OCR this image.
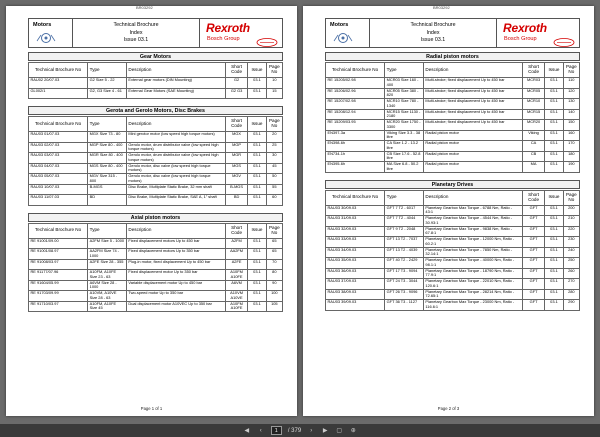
BR03292
Motors	Technical Brochure
Index
Issue 03.1
Rexroth
Bosch Group
Gear Motors
Technical Brochure No	Type	Description	Short Code	Issue	Page No
RAU02 20/07.03	G2 Size 5 - 22	External gear motors (DIN Mounting)	G2	03.1	10
GL002/1	G2, G3 Size 4 - 61	External Gear Motors (SAE Mounting)	G2 G3	03.1	15
Gerota and Gerolo Motors, Disc Brakes
Technical Brochure No	Type	Description	Short Code	Issue	Page No
RAU03 01/07.03	MGX Size 73 - 80	Mini gerotor motor (low speed high torque motors)	MGX	03.1	20
RAU03 02/07.03	MGP Size 80 - 400	Gerolo motor, drum distributor valve (low speed high torque motors)	MGP	03.1	25
RAU03 03/07.03	MGR Size 80 - 400	Gerolo motor, drum distributor valve (low speed high torque motors)	MGR	03.1	30
RAU03 04/07.03	MGS Size 80 - 400	Gerolo motor, disc valve (low speed high torque motors)	MGS	03.1	45
RAU03 05/07.03	MGV Size 315 - 800	Gerolo motor, disc valve (low speed high torque motors)	MGV	03.1	50
RAU03 10/07.03	B-MGS	Disc Brake, Multiplate Static Brake, 32 mm shaft	B-MGS	03.1	55
RAU03 11/07.03	BD	Disc Brake, Multiplate Static Brake, SAE A, 1" shaft	BD	03.1	60
Axial piston motors
Technical Brochure No	Type	Description	Short Code	Issue	Page No
RE 91001/09.00	A2FM Size 5 - 1000	Fixed displacement motors Up to 450 bar	A2FM	03.1	65
RE 91001/08.97	AA2FM Size 74 - 1000	Fixed displacement motors Up to 350 bar	AA2FM	03.1	65
RE 91008/03.97	A2FE Size 28 - 355	Plug-in motor, fixed displacement Up to 450 bar	A2FE	03.1	70
RE 91177/07.96	A10FM, A10FE Size 23 - 63	Fixed displacement motor Up to 350 bar	A10FM A10FE	03.1	80
RE 91604/05.99	A6VM Size 28 - 1000	Variable displacement motor Up to 450 bar	A6VM	03.1	90
RE 91703/09.99	A10VM, A10VE Size 28 - 63	Two-speed motor Up to 350 bar	A10VM A10VE	03.1	100
RE 91710/03.97	A10FM, A10FE Size 45	Dual displacement motor A10VEC Up to 350 bar	A10FM A10FE	03.1	105
Page 1 of 1
BR03292
Motors	Technical Brochure
Index
Issue 03.1
Rexroth
Bosch Group
Radial piston motors
Technical Brochure No	Type	Description	Short Code	Issue	Page No
RE 15205/02.98	MCR03 Size 160 - 400	Multi-stroke; fixed displacement Up to 450 bar	MCR03	03.1	110
RE 15206/02.96	MCR05 Size 380 - 820	Multi-stroke; fixed displacement Up to 450 bar	MCR05	03.1	120
RE 15207/02.98	MCR10 Size 780 - 1340	Multi-stroke; fixed displacement Up to 450 bar	MCR10	03.1	130
RE 15208/12.94	MCR15 Size 1130 - 2180	Multi-stroke; fixed displacement Up to 450 bar	MCR15	03.1	140
RE 15209/03.95	MCR20 Size 1750 - 3300	Multi-stroke; fixed displacement Up to 450 bar	MCR20	03.1	150
EN397-3a	Viking Size 3.3 - 38 litre	Radial piston motor	Viking	03.1	160
EN398-6h	CA Size 1.2 - 13.2 litre	Radial piston motor	CA	03.1	170
EN734-1h	CB Size 17.6 - 52.8 litre	Radial piston motor	CB	03.1	180
EN395-6h	MA Size 6.8 - 50.2 litre	Radial piston motor	MA	03.1	190
Planetary Drives
Technical Brochure No	Type	Description	Short Code	Issue	Page No
RAU03 30/09.03	GFT 7 T2 - 6017	Planetary Gearbox Max Torque - 6788 Nm, Ratio - 43:1	GFT	03.1	200
RAU03 31/09.03	GFT 7 T2 - 4044	Planetary Gearbox Max Torque - 4544 Nm, Ratio - 30.93:1	GFT	03.1	210
RAU03 32/09.03	GFT 9 T2 - 2048	Planetary Gearbox Max Torque - 9838 Nm, Ratio - 67.8:1	GFT	03.1	220
RAU03 33/09.03	GFT 13 T2 - 7037	Planetary Gearbox Max Torque - 12000 Nm, Ratio - 60.2:1	GFT	03.1	230
RAU03 34/09.03	GFT 13 T2 - 4039	Planetary Gearbox Max Torque - 7850 Nm, Ratio - 32.14:1	GFT	03.1	240
RAU03 35/09.03	GFT 40 T2 - 2429	Planetary Gearbox Max Torque - 40000 Nm, Ratio - 98.1:1	GFT	03.1	250
RAU03 36/09.03	GFT 17 T3 - 9094	Planetary Gearbox Max Torque - 18790 Nm, Ratio - 77.9:1	GFT	03.1	260
RAU03 37/09.03	GFT 24 T3 - 3044	Planetary Gearbox Max Torque - 22010 Nm, Ratio - 120.6:1	GFT	03.1	270
RAU03 38/09.03	GFT 26 T3 - 9096	Planetary Gearbox Max Torque - 28214 Nm, Ratio - 72.65:1	GFT	03.1	280
RAU03 39/09.03	GFT 36 T3 - 1127	Planetary Gearbox Max Torque - 23000 Nm, Ratio - 116.6:1	GFT	03.1	290
Page 2 of 3
◀	‹	1	/ 379	›	▶ ▢ ⊕
